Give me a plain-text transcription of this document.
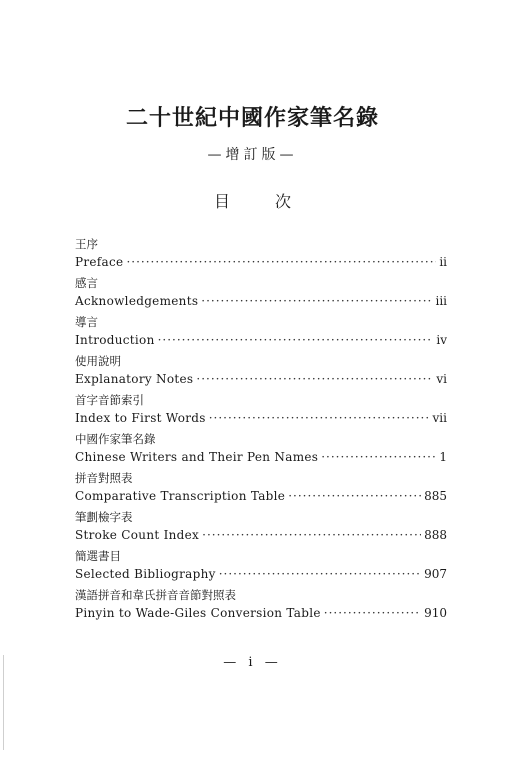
二十世紀中國作家筆名錄
—增訂版—
目 次
王序
Preface ·····	ii
感言
Acknowledgements ·····	iii
導言
Introduction ·····	iv
使用說明
Explanatory Notes ·····	vi
首字音節索引
Index to First Words ·····	vii
中國作家筆名錄
Chinese Writers and Their Pen Names ·····	1
拼音對照表
Comparative Transcription Table ·····	885
筆劃檢字表
Stroke Count Index ·····	888
簡選書目
Selected Bibliography ·····	907
漢語拼音和韋氏拼音音節對照表
Pinyin to Wade-Giles Conversion Table ·····	910
— i —
